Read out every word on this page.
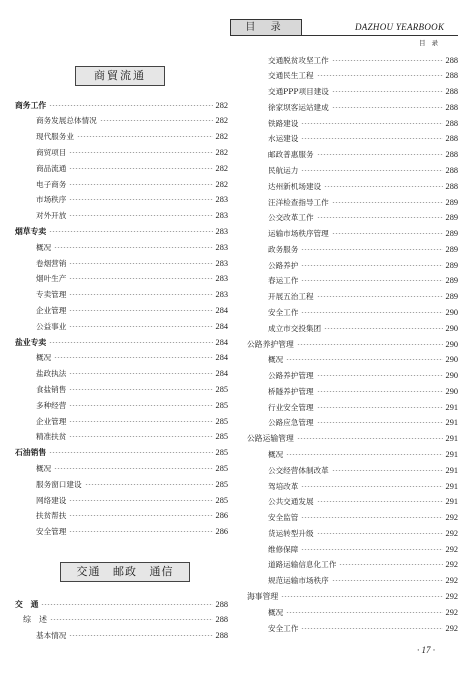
目 录	DAZHOU YEARBOOK
目 录
商貿流通
交通 邮政 通信
商务工作	282
商务发展总体情况	282
现代服务业	282
商贸项目	282
商品流通	282
电子商务	282
市场秩序	283
对外开放	283
烟草专卖	283
概况	283
卷烟营销	283
烟叶生产	283
专卖管理	283
企业管理	284
公益事业	284
盐业专卖	284
概况	284
盐政执法	284
食盐销售	285
多种经营	285
企业管理	285
精准扶贫	285
石油销售	285
概况	285
服务窗口建设	285
网络建设	285
扶贫帮扶	286
安全管理	286
交　通	288
综　述	288
基本情况	288
交通脱贫攻坚工作	288
交通民生工程	288
交通PPP项目建设	288
徐家坝客运站建成	288
铁路建设	288
水运建设	288
邮政普惠服务	288
民航运力	288
达州新机场建设	288
汪洋检查指导工作	289
公交改革工作	289
运输市场秩序管理	289
政务服务	289
公路养护	289
春运工作	289
开展五治工程	289
安全工作	290
成立市交投集团	290
公路养护管理	290
概况	290
公路养护管理	290
桥隧养护管理	290
行业安全管理	291
公路应急管理	291
公路运输管理	291
概况	291
公交经营体制改革	291
驾培改革	291
公共交通发展	291
安全监管	292
货运转型升级	292
维修保障	292
道路运输信息化工作	292
规范运输市场秩序	292
海事管理	292
概况	292
安全工作	292
· 17 ·
